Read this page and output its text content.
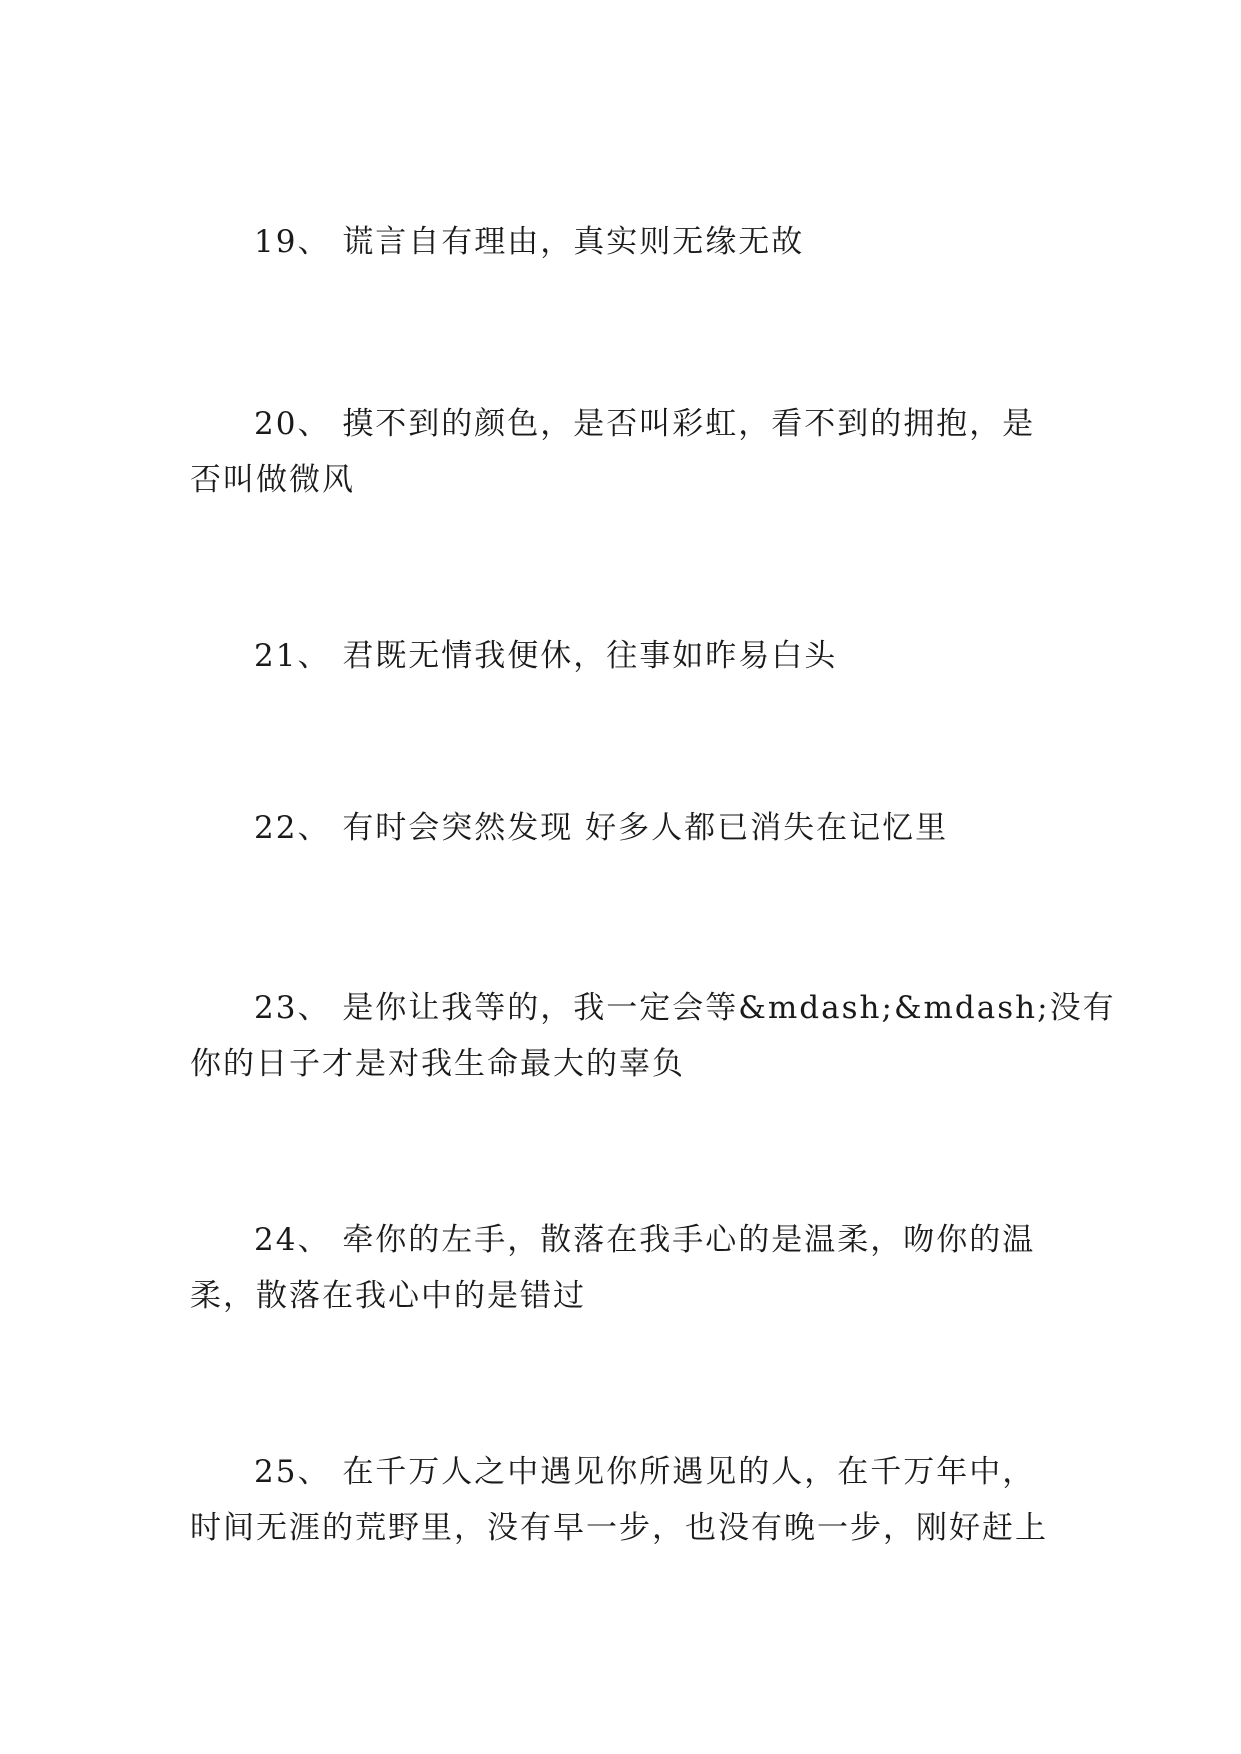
19、 谎言自有理由，真实则无缘无故
20、 摸不到的颜色，是否叫彩虹，看不到的拥抱，是
否叫做微风
21、 君既无情我便休，往事如昨易白头
22、 有时会突然发现 好多人都已消失在记忆里
23、 是你让我等的，我一定会等&mdash;&mdash;没有
你的日子才是对我生命最大的辜负
24、 牵你的左手，散落在我手心的是温柔，吻你的温
柔，散落在我心中的是错过
25、 在千万人之中遇见你所遇见的人，在千万年中，
时间无涯的荒野里，没有早一步，也没有晚一步，刚好赶上
